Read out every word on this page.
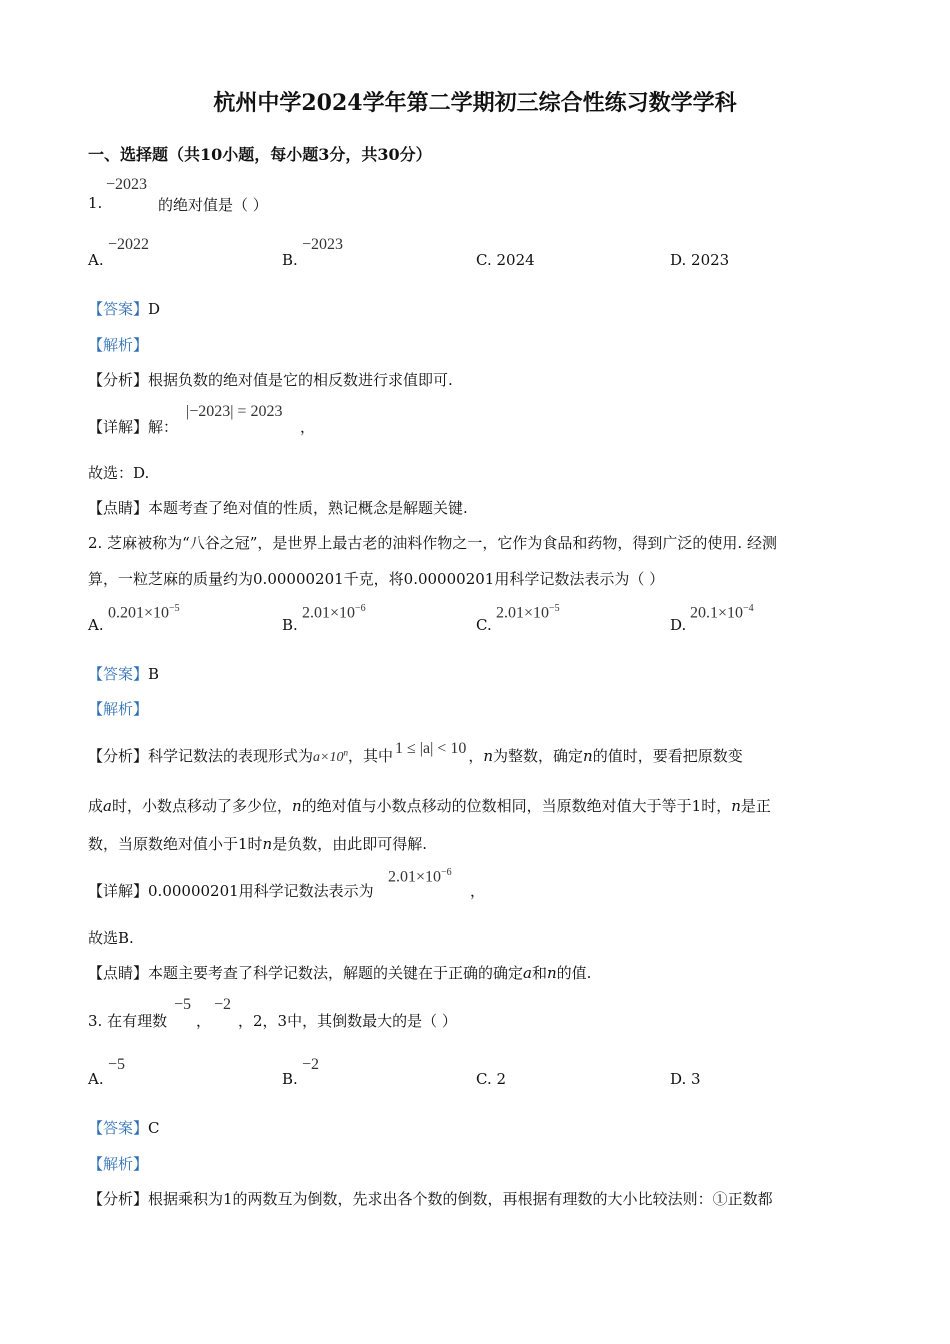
杭州中学2024学年第二学期初三综合性练习数学学科
一、选择题（共10小题，每小题3分，共30分）
−2023
1.	的绝对值是（ ）
A.
−2022
B.
−2023
C. 2024	D. 2023
【答案】D
【解析】
【分析】根据负数的绝对值是它的相反数进行求值即可.
【详解】解：
|−2023| = 2023
，
故选：D.
【点睛】本题考查了绝对值的性质，熟记概念是解题关键.
2. 芝麻被称为“八谷之冠”，是世界上最古老的油料作物之一，它作为食品和药物，得到广泛的使用. 经测
算，一粒芝麻的质量约为0.00000201千克，将0.00000201用科学记数法表示为（ ）
A.
$0.201\times 10^{-5}$
B.
$2.01\times 10^{-6}$
C.
$2.01\times 10^{-5}$
D.
$20.1\times 10^{-4}$
【答案】B
【解析】
【分析】科学记数法的表现形式为$a\times 10^n$，其中 1 ≤ |a| < 10 ，n为整数，确定n的值时，要看把原数变
成a时，小数点移动了多少位，n的绝对值与小数点移动的位数相同，当原数绝对值大于等于1时，n是正
数，当原数绝对值小于1时n是负数，由此即可得解.
【详解】0.00000201用科学记数法表示为
$2.01\times 10^{-6}$
，
故选B.
【点睛】本题主要考查了科学记数法，解题的关键在于正确的确定a和n的值.
3. 在有理数
−5
，
−2
，2，3中，其倒数最大的是（ ）
A.
−5
B.
−2
C. 2	D. 3
【答案】C
【解析】
【分析】根据乘积为1的两数互为倒数，先求出各个数的倒数，再根据有理数的大小比较法则：①正数都
